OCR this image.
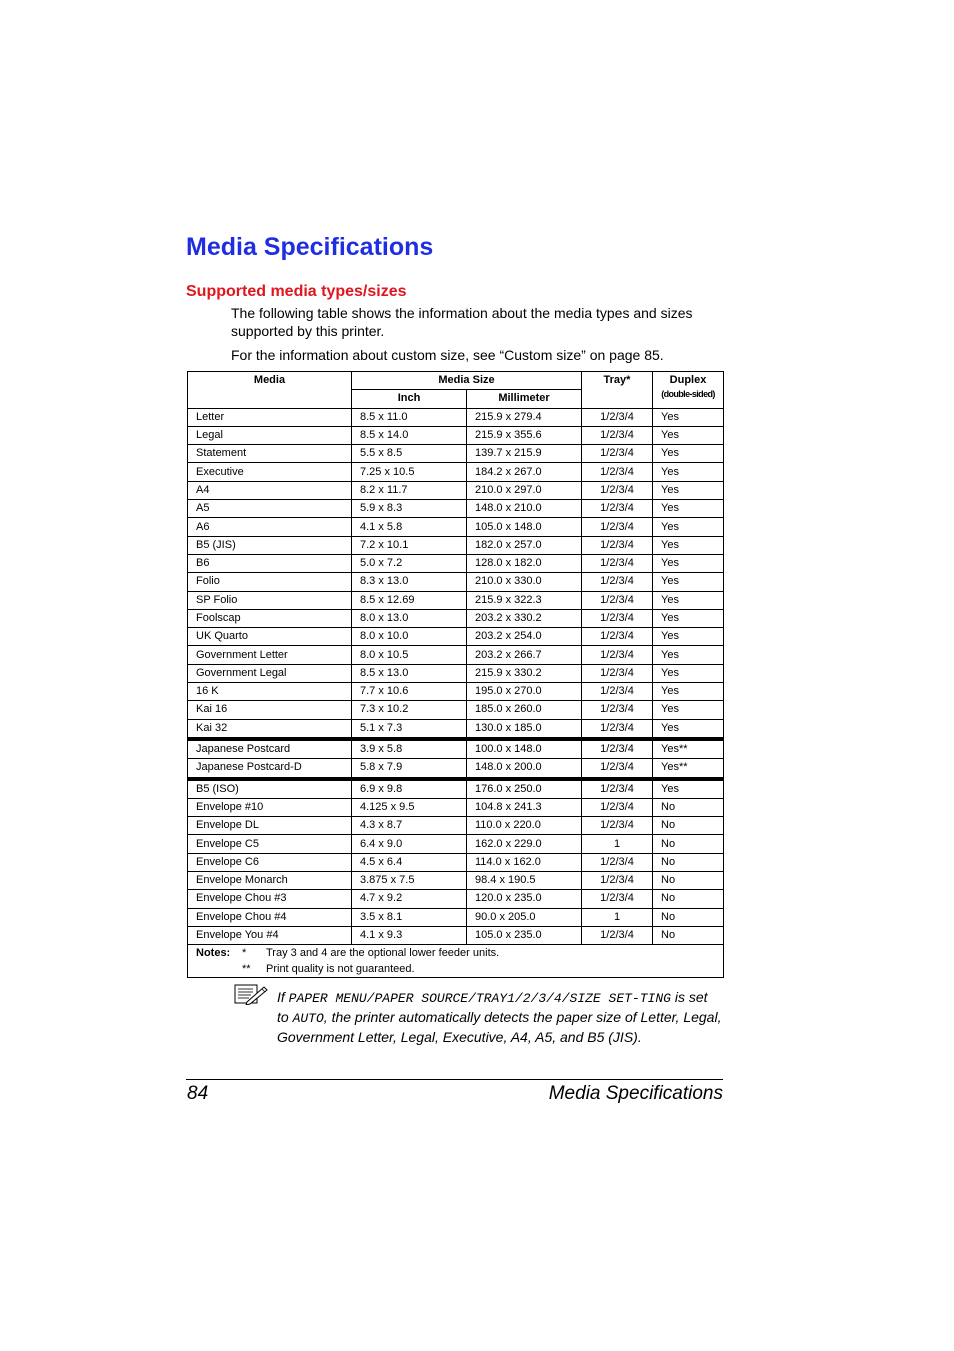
Media Specifications
Supported media types/sizes
The following table shows the information about the media types and sizes supported by this printer.
For the information about custom size, see “Custom size” on page 85.
Media	Media Size		Tray*	Duplex
(double-sided)

	Inch	Millimeter		
Letter	8.5 x 11.0	215.9 x 279.4	1/2/3/4	Yes
Legal	8.5 x 14.0	215.9 x 355.6	1/2/3/4	Yes
Statement	5.5 x 8.5	139.7 x 215.9	1/2/3/4	Yes
Executive	7.25 x 10.5	184.2 x 267.0	1/2/3/4	Yes
A4	8.2 x 11.7	210.0 x 297.0	1/2/3/4	Yes
A5	5.9 x 8.3	148.0 x 210.0	1/2/3/4	Yes
A6	4.1 x 5.8	105.0 x 148.0	1/2/3/4	Yes
B5 (JIS)	7.2 x 10.1	182.0 x 257.0	1/2/3/4	Yes
B6	5.0 x 7.2	128.0 x 182.0	1/2/3/4	Yes
Folio	8.3 x 13.0	210.0 x 330.0	1/2/3/4	Yes
SP Folio	8.5 x 12.69	215.9 x 322.3	1/2/3/4	Yes
Foolscap	8.0 x 13.0	203.2 x 330.2	1/2/3/4	Yes
UK Quarto	8.0 x 10.0	203.2 x 254.0	1/2/3/4	Yes
Government Letter	8.0 x 10.5	203.2 x 266.7	1/2/3/4	Yes
Government Legal	8.5 x 13.0	215.9 x 330.2	1/2/3/4	Yes
16 K	7.7 x 10.6	195.0 x 270.0	1/2/3/4	Yes
Kai 16	7.3 x 10.2	185.0 x 260.0	1/2/3/4	Yes
Kai 32	5.1 x 7.3	130.0 x 185.0	1/2/3/4	Yes
Japanese Postcard	3.9 x 5.8	100.0 x 148.0	1/2/3/4	Yes**
Japanese Postcard-D	5.8 x 7.9	148.0 x 200.0	1/2/3/4	Yes**
B5 (ISO)	6.9 x 9.8	176.0 x 250.0	1/2/3/4	Yes
Envelope #10	4.125 x 9.5	104.8 x 241.3	1/2/3/4	No
Envelope DL	4.3 x 8.7	110.0 x 220.0	1/2/3/4	No
Envelope C5	6.4 x 9.0	162.0 x 229.0	1	No
Envelope C6	4.5 x 6.4	114.0 x 162.0	1/2/3/4	No
Envelope Monarch	3.875 x 7.5	98.4 x 190.5	1/2/3/4	No
Envelope Chou #3	4.7 x 9.2	120.0 x 235.0	1/2/3/4	No
Envelope Chou #4	3.5 x 8.1	90.0 x 205.0	1	No
Envelope You #4	4.1 x 9.3	105.0 x 235.0	1/2/3/4	No

Notes: * Tray 3 and 4 are the optional lower feeder units.
** Print quality is not guaranteed.				
If PAPER MENU/PAPER SOURCE/TRAY1/2/3/4/SIZE SET-TING is set to AUTO, the printer automatically detects the paper size of Letter, Legal, Government Letter, Legal, Executive, A4, A5, and B5 (JIS).
84	Media Specifications
